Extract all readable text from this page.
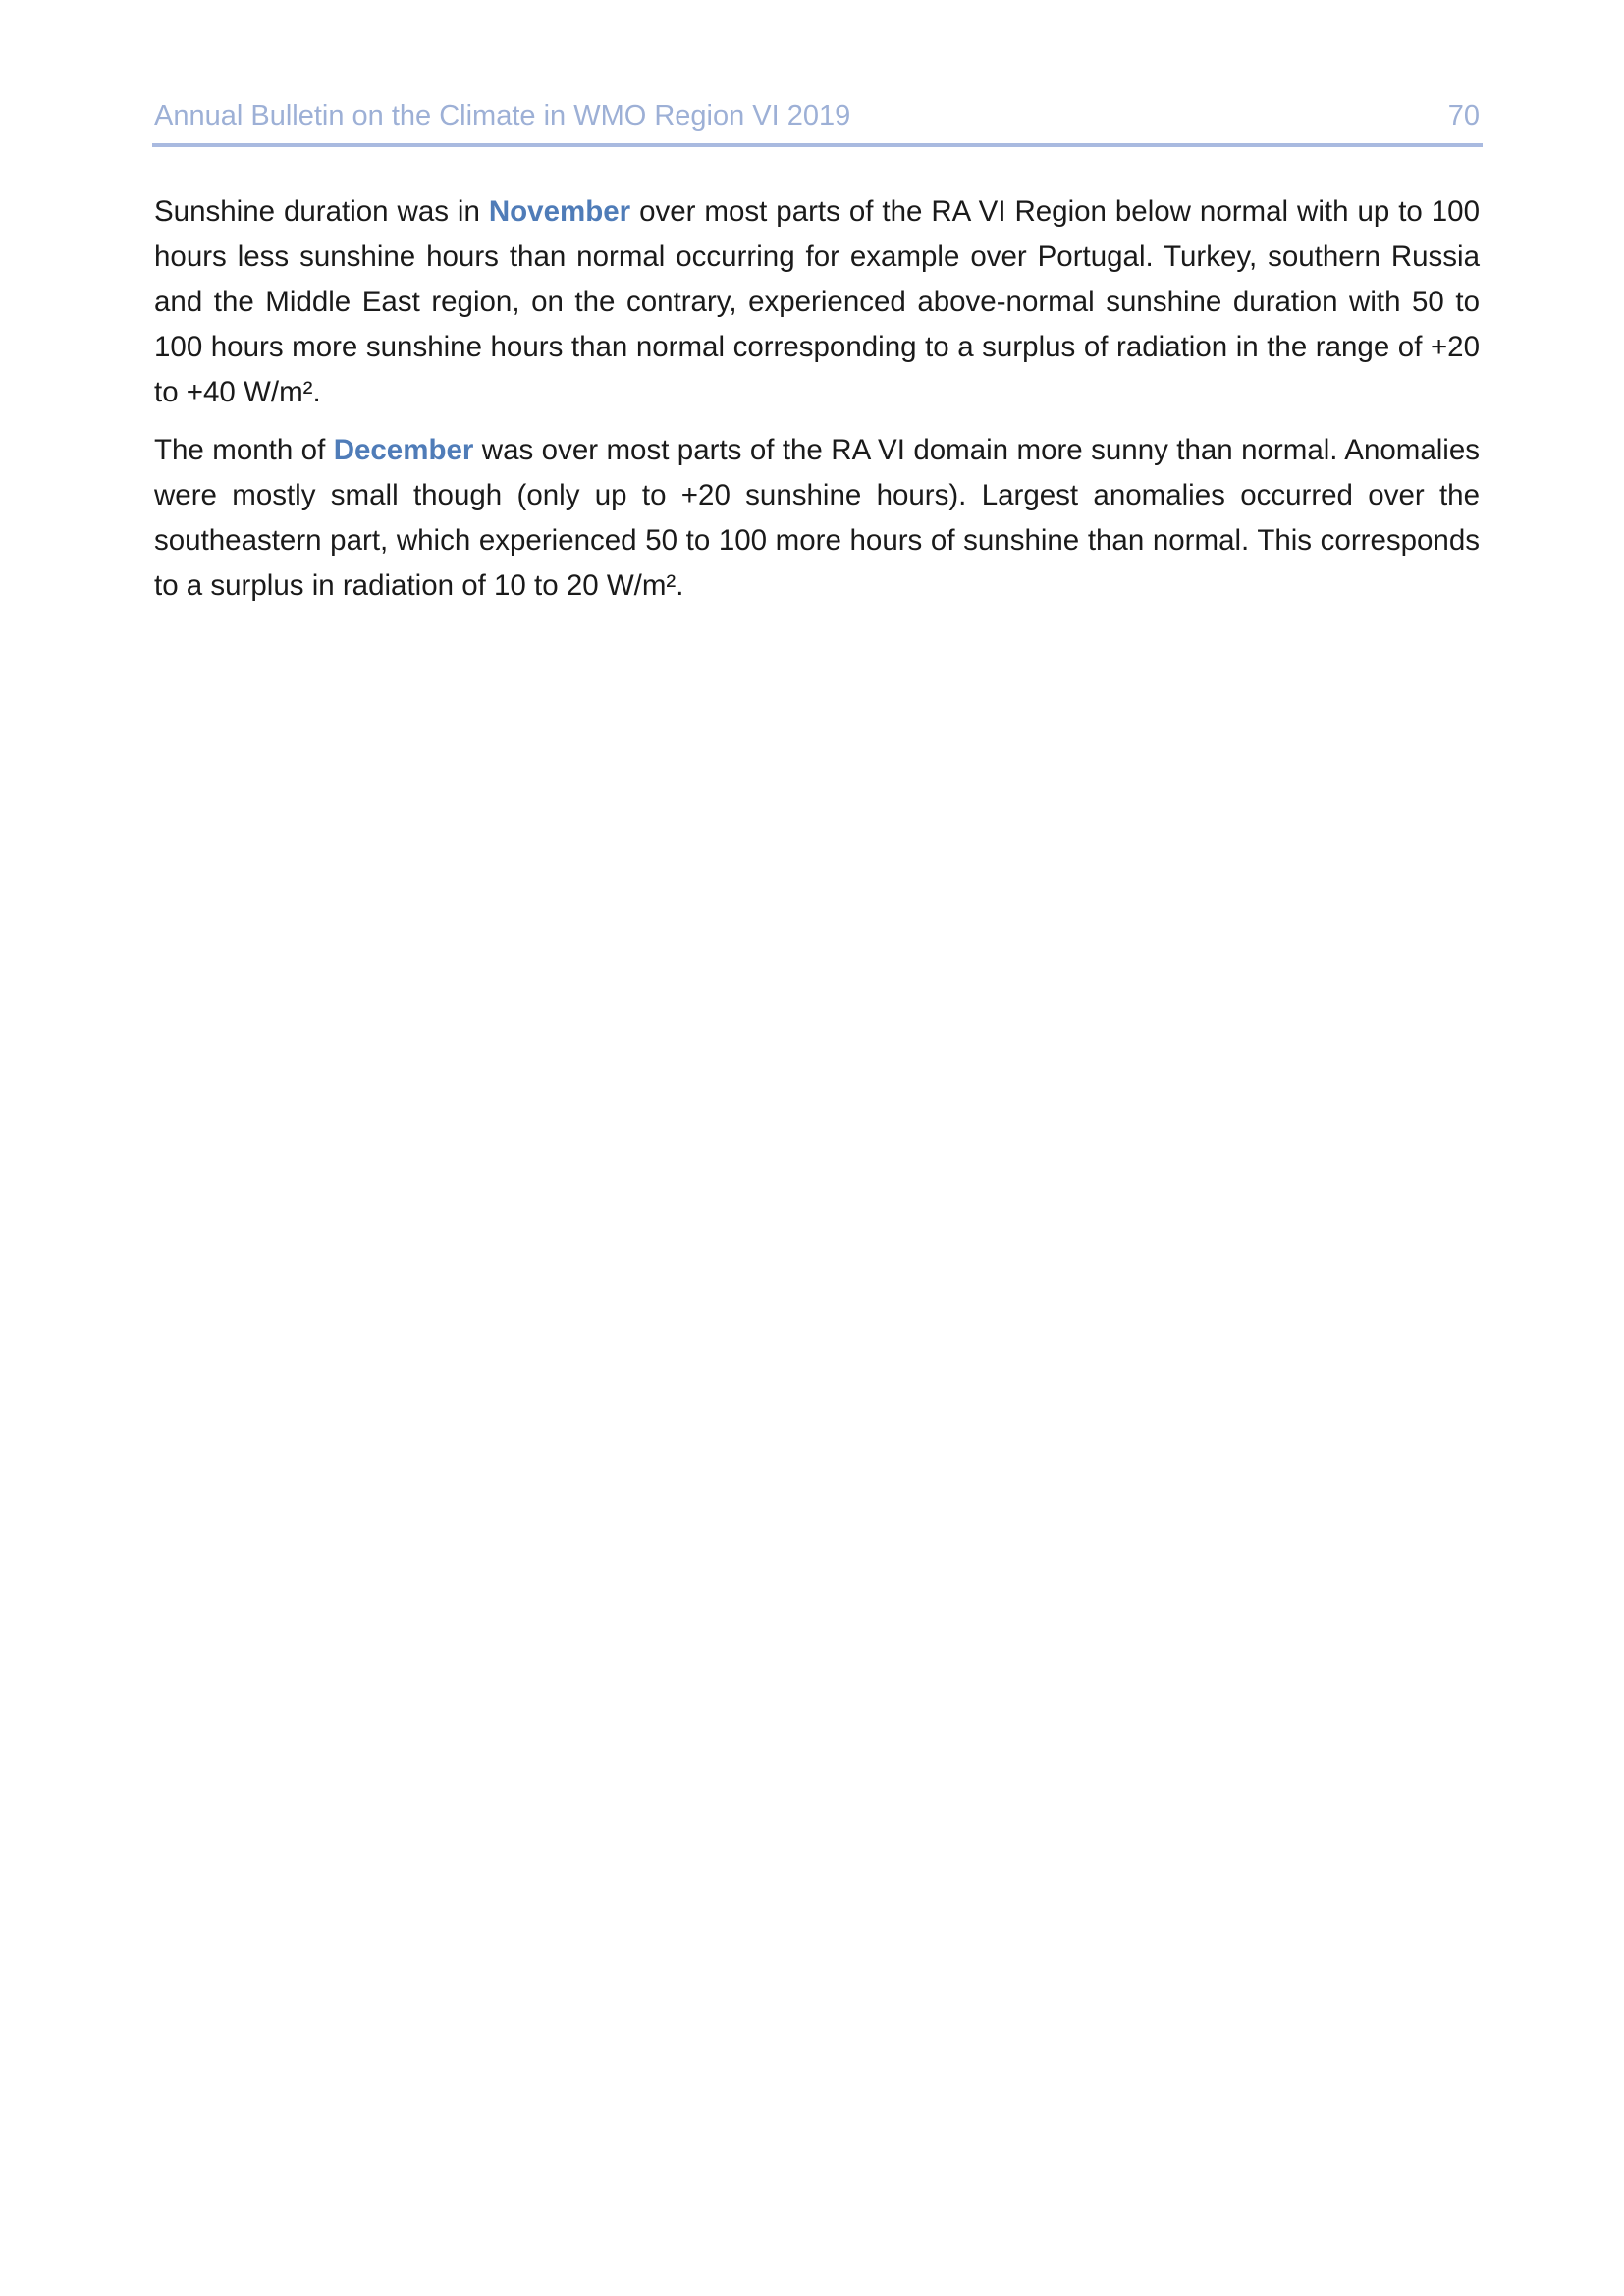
Annual Bulletin on the Climate in WMO Region VI 2019	70

Sunshine duration was in November over most parts of the RA VI Region below normal with up to 100 hours less sunshine hours than normal occurring for example over Portugal. Turkey, southern Russia and the Middle East region, on the contrary, experienced above-normal sunshine duration with 50 to 100 hours more sunshine hours than normal corresponding to a surplus of radiation in the range of +20 to +40 W/m².

The month of December was over most parts of the RA VI domain more sunny than normal. Anomalies were mostly small though (only up to +20 sunshine hours). Largest anomalies occurred over the southeastern part, which experienced 50 to 100 more hours of sunshine than normal. This corresponds to a surplus in radiation of 10 to 20 W/m².
